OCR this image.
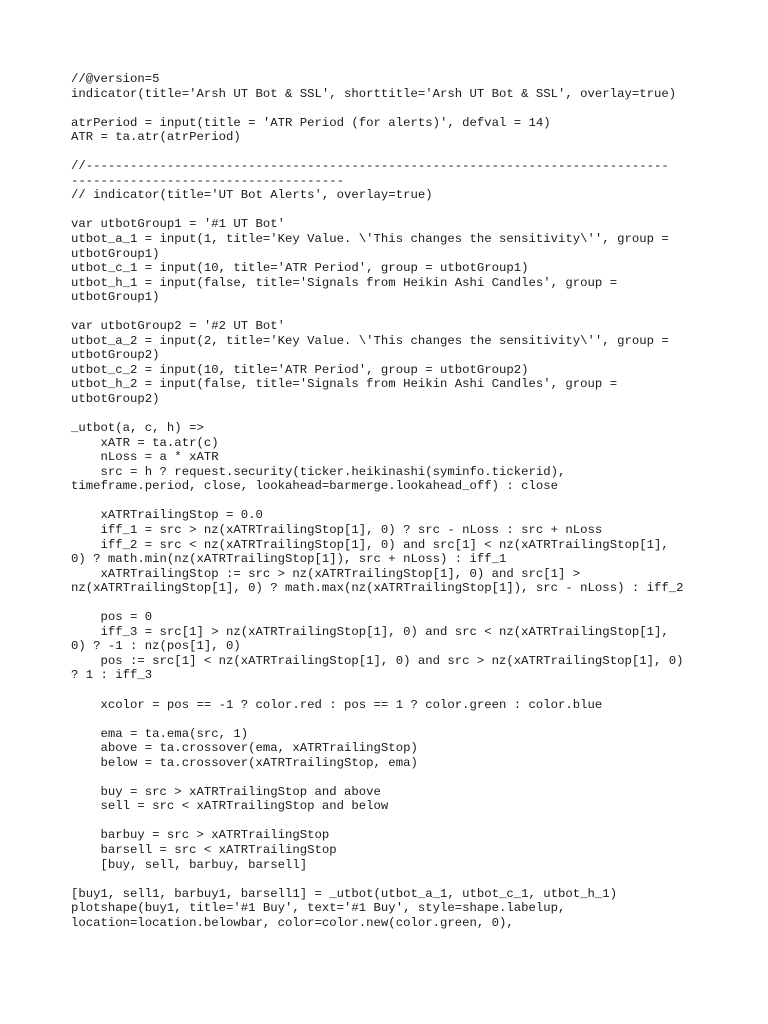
//@version=5
indicator(title='Arsh UT Bot & SSL', shorttitle='Arsh UT Bot & SSL', overlay=true)
atrPeriod = input(title = 'ATR Period (for alerts)', defval = 14)
ATR = ta.atr(atrPeriod)
//-------------------------------------------------------------------------------
-------------------------------------
// indicator(title='UT Bot Alerts', overlay=true)
var utbotGroup1 = '#1 UT Bot'
utbot_a_1 = input(1, title='Key Value. \'This changes the sensitivity\'', group =
utbotGroup1)
utbot_c_1 = input(10, title='ATR Period', group = utbotGroup1)
utbot_h_1 = input(false, title='Signals from Heikin Ashi Candles', group =
utbotGroup1)
var utbotGroup2 = '#2 UT Bot'
utbot_a_2 = input(2, title='Key Value. \'This changes the sensitivity\'', group =
utbotGroup2)
utbot_c_2 = input(10, title='ATR Period', group = utbotGroup2)
utbot_h_2 = input(false, title='Signals from Heikin Ashi Candles', group =
utbotGroup2)
_utbot(a, c, h) =>
xATR = ta.atr(c)
nLoss = a * xATR
src = h ? request.security(ticker.heikinashi(syminfo.tickerid),
timeframe.period, close, lookahead=barmerge.lookahead_off) : close
xATRTrailingStop = 0.0
iff_1 = src > nz(xATRTrailingStop[1], 0) ? src - nLoss : src + nLoss
iff_2 = src < nz(xATRTrailingStop[1], 0) and src[1] < nz(xATRTrailingStop[1],
0) ? math.min(nz(xATRTrailingStop[1]), src + nLoss) : iff_1
xATRTrailingStop := src > nz(xATRTrailingStop[1], 0) and src[1] >
nz(xATRTrailingStop[1], 0) ? math.max(nz(xATRTrailingStop[1]), src - nLoss) : iff_2
pos = 0
iff_3 = src[1] > nz(xATRTrailingStop[1], 0) and src < nz(xATRTrailingStop[1],
0) ? -1 : nz(pos[1], 0)
pos := src[1] < nz(xATRTrailingStop[1], 0) and src > nz(xATRTrailingStop[1], 0)
? 1 : iff_3
xcolor = pos == -1 ? color.red : pos == 1 ? color.green : color.blue
ema = ta.ema(src, 1)
above = ta.crossover(ema, xATRTrailingStop)
below = ta.crossover(xATRTrailingStop, ema)
buy = src > xATRTrailingStop and above
sell = src < xATRTrailingStop and below
barbuy = src > xATRTrailingStop
barsell = src < xATRTrailingStop
[buy, sell, barbuy, barsell]
[buy1, sell1, barbuy1, barsell1] = _utbot(utbot_a_1, utbot_c_1, utbot_h_1)
plotshape(buy1, title='#1 Buy', text='#1 Buy', style=shape.labelup,
location=location.belowbar, color=color.new(color.green, 0),
